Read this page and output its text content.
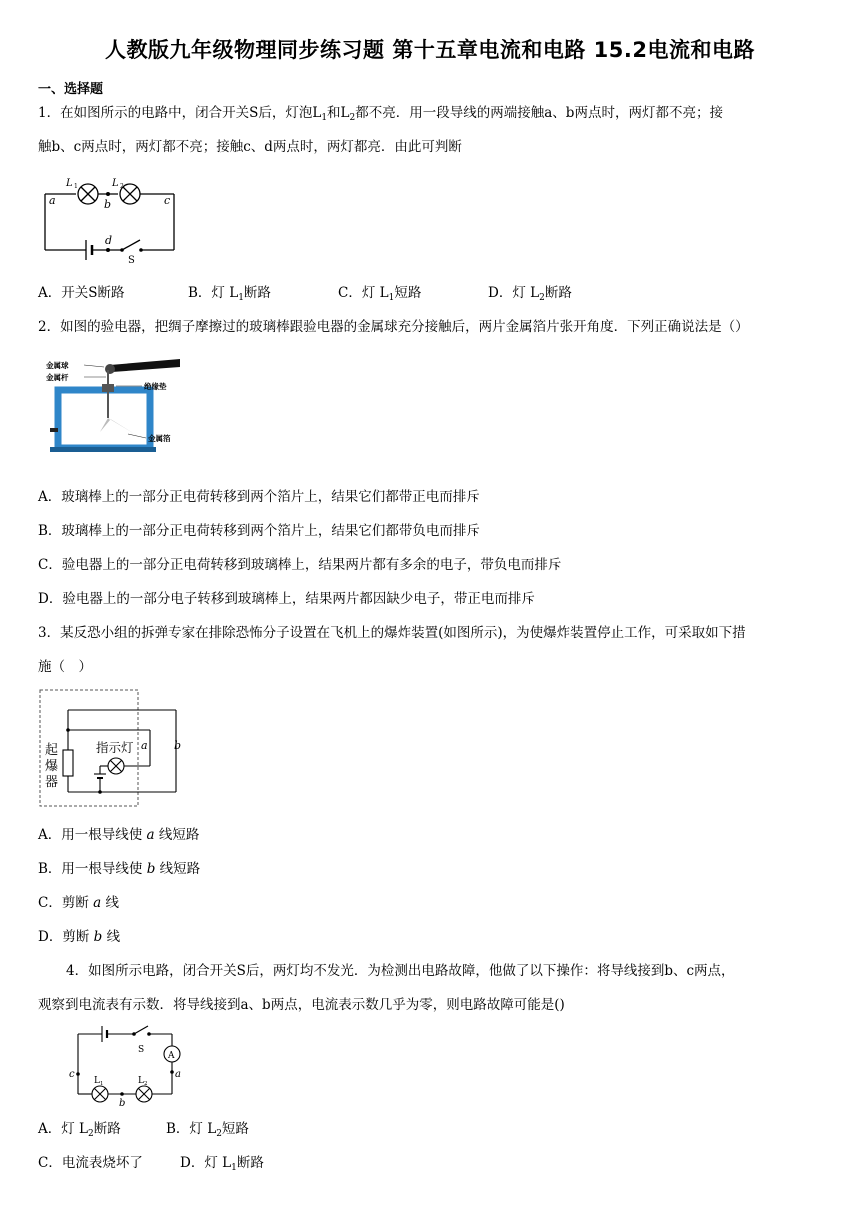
人教版九年级物理同步练习题 第十五章电流和电路 15.2电流和电路
一、选择题
1．在如图所示的电路中，闭合开关S后，灯泡$L_1$和$L_2$都不亮．用一段导线的两端接触a、b两点时，两灯都不亮；接
触b、c两点时，两灯都不亮；接触c、d两点时，两灯都亮．由此可判断
L 1	L 2
a	b	c
d
S
A．开关S断路	B．灯 $L_1$断路	C．灯 $L_1$短路	D．灯 $L_2$断路
2．如图的验电器，把绸子摩擦过的玻璃棒跟验电器的金属球充分接触后，两片金属箔片张开角度．下列正确说法是（）
金属球
金属杆
绝缘垫
金属箔
A．玻璃棒上的一部分正电荷转移到两个箔片上，结果它们都带正电而排斥
B．玻璃棒上的一部分正电荷转移到两个箔片上，结果它们都带负电而排斥
C．验电器上的一部分正电荷转移到玻璃棒上，结果两片都有多余的电子，带负电而排斥
D．验电器上的一部分电子转移到玻璃棒上，结果两片都因缺少电子，带正电而排斥
3．某反恐小组的拆弹专家在排除恐怖分子设置在飞机上的爆炸装置(如图所示)，为使爆炸装置停止工作，可采取如下措
施（　）
起
爆
器
指示灯 a b
A．用一根导线使 a 线短路
B．用一根导线使 b 线短路
C．剪断 a 线
D．剪断 b 线
4．如图所示电路，闭合开关S后，两灯均不发光．为检测出电路故障，他做了以下操作：将导线接到b、c两点，
观察到电流表有示数．将导线接到a、b两点，电流表示数几乎为零，则电路故障可能是()
S
A
a
b
c
L 1	L 2
A．灯 $L_2$断路	B．灯 $L_2$短路
C．电流表烧坏了	D．灯 $L_1$断路
